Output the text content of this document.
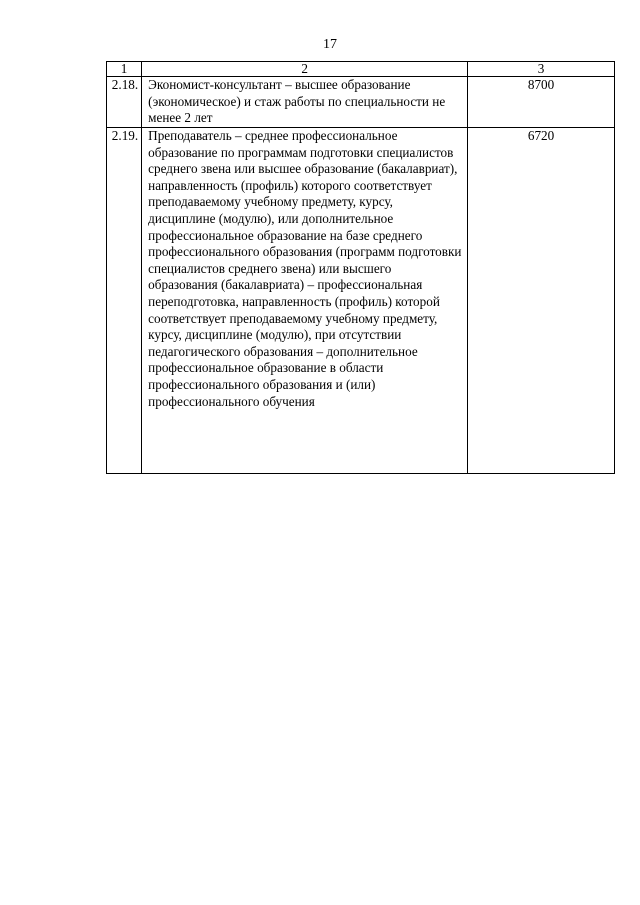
17
1	2	3
2.18.	Экономист-консультант – высшее образование (экономическое) и стаж работы по специальности не менее 2 лет	8700
2.19.	Преподаватель – среднее профессиональное образование по программам подготовки специалистов среднего звена или высшее образование (бакалавриат), направленность (профиль) которого соответствует преподаваемому учебному предмету, курсу, дисциплине (модулю), или дополнительное профессиональное образование на базе среднего профессионального образования (программ подготовки специалистов среднего звена) или высшего образования (бакалавриата) – профессиональная переподготовка, направленность (профиль) которой соответствует преподаваемому учебному предмету, курсу, дисциплине (модулю), при отсутствии педагогического образования – дополнительное профессиональное образование в области профессионального образования и (или) профессионального обучения	6720
